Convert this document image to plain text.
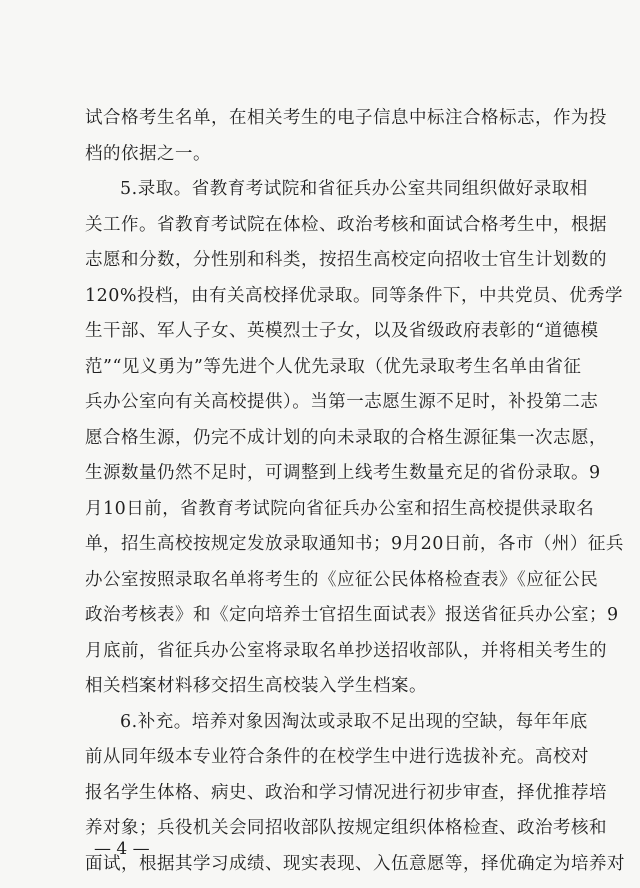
试合格考生名单，在相关考生的电子信息中标注合格标志，作为投
档的依据之一。
5.录取。省教育考试院和省征兵办公室共同组织做好录取相
关工作。省教育考试院在体检、政治考核和面试合格考生中，根据
志愿和分数，分性别和科类，按招生高校定向招收士官生计划数的
120%投档，由有关高校择优录取。同等条件下，中共党员、优秀学
生干部、军人子女、英模烈士子女，以及省级政府表彰的“道德模
范”“见义勇为”等先进个人优先录取（优先录取考生名单由省征
兵办公室向有关高校提供）。当第一志愿生源不足时，补投第二志
愿合格生源，仍完不成计划的向未录取的合格生源征集一次志愿，
生源数量仍然不足时，可调整到上线考生数量充足的省份录取。9
月10日前，省教育考试院向省征兵办公室和招生高校提供录取名
单，招生高校按规定发放录取通知书；9月20日前，各市（州）征兵
办公室按照录取名单将考生的《应征公民体格检查表》《应征公民
政治考核表》和《定向培养士官招生面试表》报送省征兵办公室；9
月底前，省征兵办公室将录取名单抄送招收部队，并将相关考生的
相关档案材料移交招生高校装入学生档案。
6.补充。培养对象因淘汰或录取不足出现的空缺，每年年底
前从同年级本专业符合条件的在校学生中进行选拔补充。高校对
报名学生体格、病史、政治和学习情况进行初步审查，择优推荐培
养对象；兵役机关会同招收部队按规定组织体格检查、政治考核和
面试，根据其学习成绩、现实表现、入伍意愿等，择优确定为培养对
— 4 —
